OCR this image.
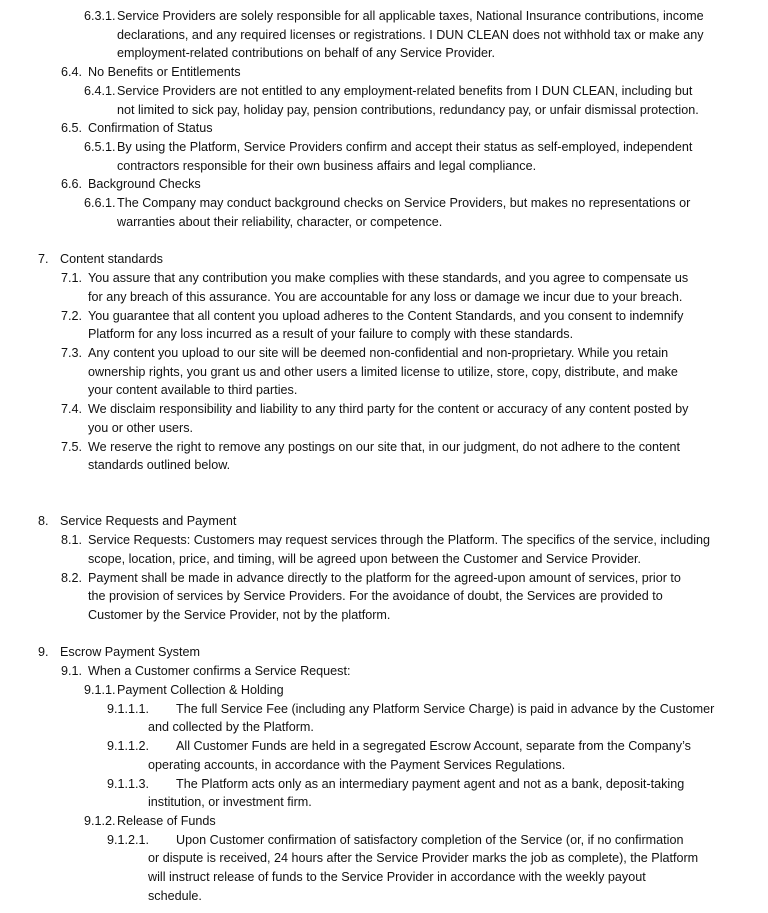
6.3.1. Service Providers are solely responsible for all applicable taxes, National Insurance contributions, income
declarations, and any required licenses or registrations. I DUN CLEAN does not withhold tax or make any
employment-related contributions on behalf of any Service Provider.
6.4. No Benefits or Entitlements
6.4.1. Service Providers are not entitled to any employment-related benefits from I DUN CLEAN, including but
not limited to sick pay, holiday pay, pension contributions, redundancy pay, or unfair dismissal protection.
6.5. Confirmation of Status
6.5.1. By using the Platform, Service Providers confirm and accept their status as self-employed, independent
contractors responsible for their own business affairs and legal compliance.
6.6. Background Checks
6.6.1. The Company may conduct background checks on Service Providers, but makes no representations or
warranties about their reliability, character, or competence.
7. Content standards
7.1. You assure that any contribution you make complies with these standards, and you agree to compensate us
for any breach of this assurance. You are accountable for any loss or damage we incur due to your breach.
7.2. You guarantee that all content you upload adheres to the Content Standards, and you consent to indemnify
Platform for any loss incurred as a result of your failure to comply with these standards.
7.3. Any content you upload to our site will be deemed non-confidential and non-proprietary. While you retain
ownership rights, you grant us and other users a limited license to utilize, store, copy, distribute, and make
your content available to third parties.
7.4. We disclaim responsibility and liability to any third party for the content or accuracy of any content posted by
you or other users.
7.5. We reserve the right to remove any postings on our site that, in our judgment, do not adhere to the content
standards outlined below.
8. Service Requests and Payment
8.1. Service Requests: Customers may request services through the Platform. The specifics of the service, including
scope, location, price, and timing, will be agreed upon between the Customer and Service Provider.
8.2. Payment shall be made in advance directly to the platform for the agreed-upon amount of services, prior to
the provision of services by Service Providers. For the avoidance of doubt, the Services are provided to
Customer by the Service Provider, not by the platform.
9. Escrow Payment System
9.1. When a Customer confirms a Service Request:
9.1.1. Payment Collection & Holding
9.1.1.1. The full Service Fee (including any Platform Service Charge) is paid in advance by the Customer
and collected by the Platform.
9.1.1.2. All Customer Funds are held in a segregated Escrow Account, separate from the Company’s
operating accounts, in accordance with the Payment Services Regulations.
9.1.1.3. The Platform acts only as an intermediary payment agent and not as a bank, deposit-taking
institution, or investment firm.
9.1.2. Release of Funds
9.1.2.1. Upon Customer confirmation of satisfactory completion of the Service (or, if no confirmation
or dispute is received, 24 hours after the Service Provider marks the job as complete), the Platform
will instruct release of funds to the Service Provider in accordance with the weekly payout
schedule.
